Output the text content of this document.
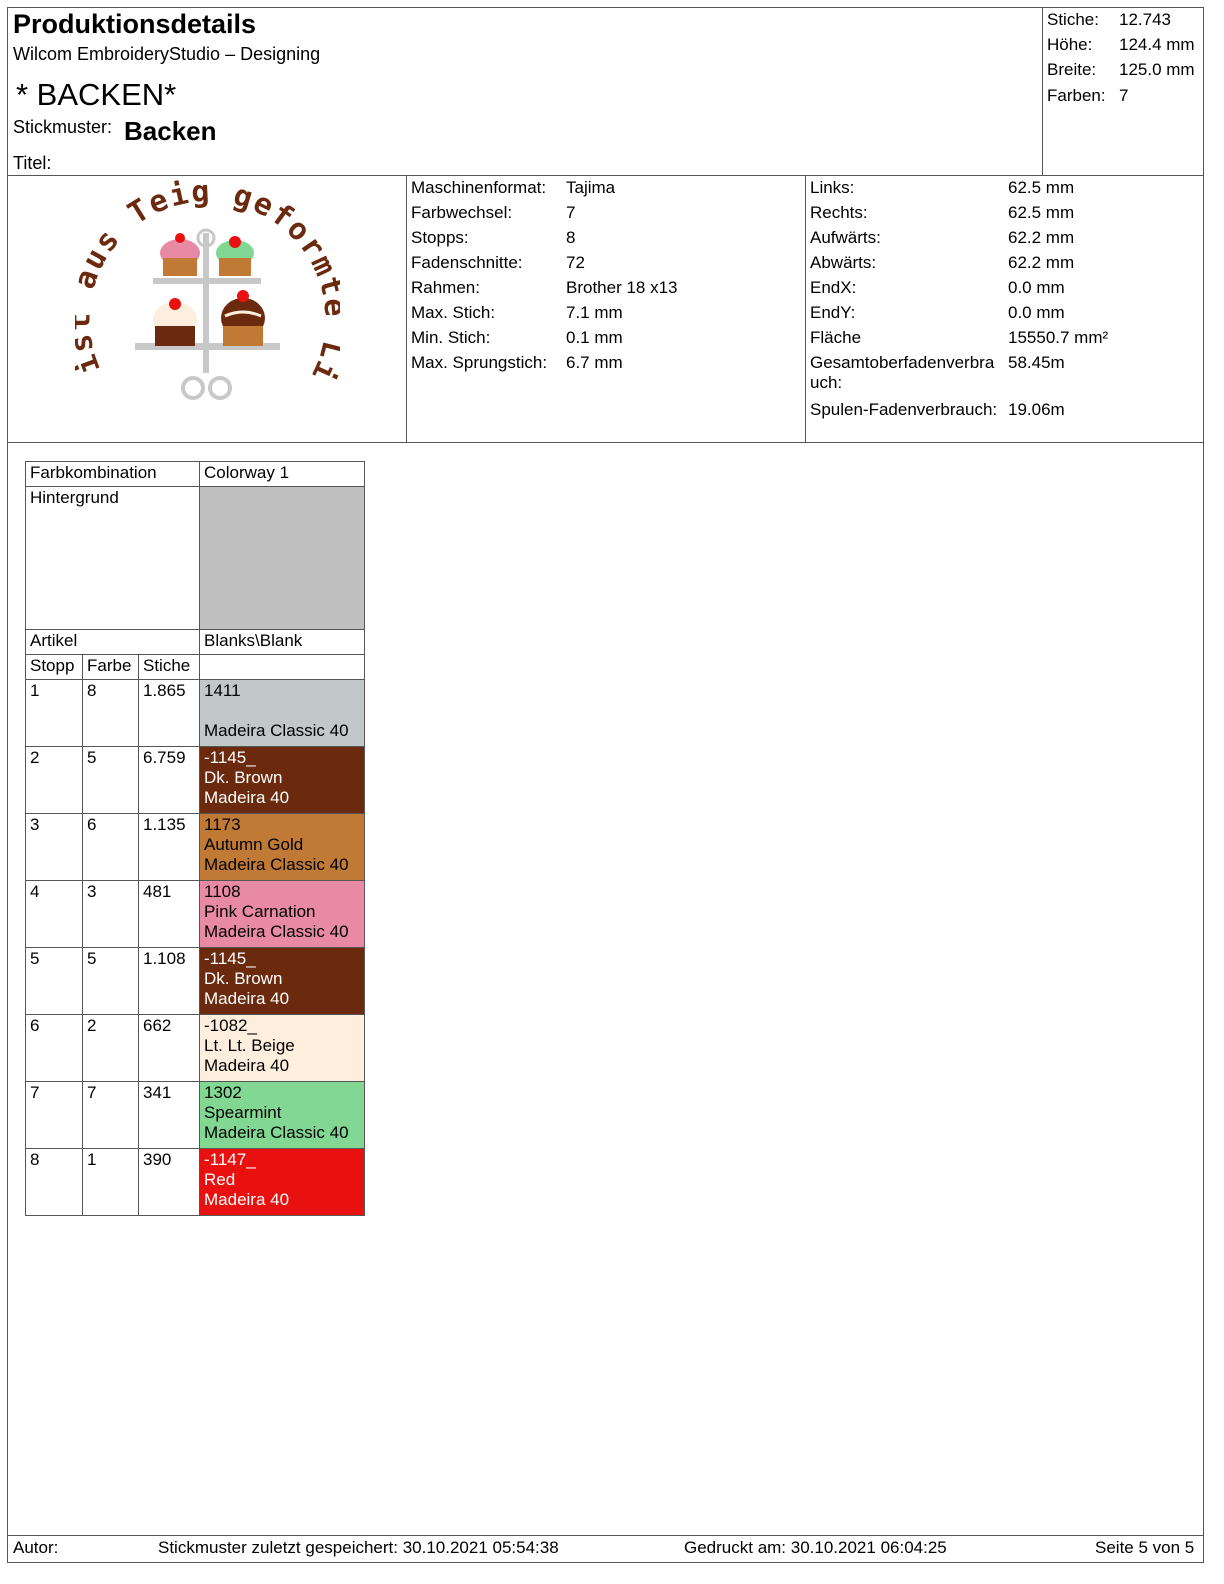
Produktionsdetails
Wilcom EmbroideryStudio – Designing
* BACKEN*
Stickmuster: Backen
Titel:
Stiche: 12.743
Höhe: 124.4 mm
Breite: 125.0 mm
Farben: 7
us Teig geform i
Maschinenformat: Tajima
Farbwechsel:	7
Stopps:	8
Fadenschnitte:	72
Rahmen:	Brother 18 x13
Max. Stich:	7.1 mm
Min. Stich:	0.1 mm
Max. Sprungstich: 6.7 mm
Links:	62.5 mm
Rechts:	62.5 mm
Aufwärts:	62.2 mm
Abwärts:	62.2 mm
EndX:	0.0 mm
EndY:	0.0 mm
Fläche	15550.7 mm²
Gesamtoberfadenverbrauch:
58.45m
Spulen-Fadenverbrauch: 19.06m
Farbkombination			Colorway 1
Hintergrund			
Artikel			Blanks\Blank
Stopp	Farbe	Stiche	
1	8	1.865	1411
Madeira Classic 40

2	5	6.759	-1145_
Dk. Brown
Madeira 40

3	6	1.135	1173
Autumn Gold
Madeira Classic 40

4	3	481	1108
Pink Carnation
Madeira Classic 40

5	5	1.108	-1145_
Dk. Brown
Madeira 40

6	2	662	-1082_
Lt. Lt. Beige
Madeira 40

7	7	341	1302
Spearmint
Madeira Classic 40

8	1	390	-1147_
Red
Madeira 40
Autor:	Stickmuster zuletzt gespeichert: 30.10.2021 05:54:38	Gedruckt am: 30.10.2021 06:04:25	Seite 5 von 5
